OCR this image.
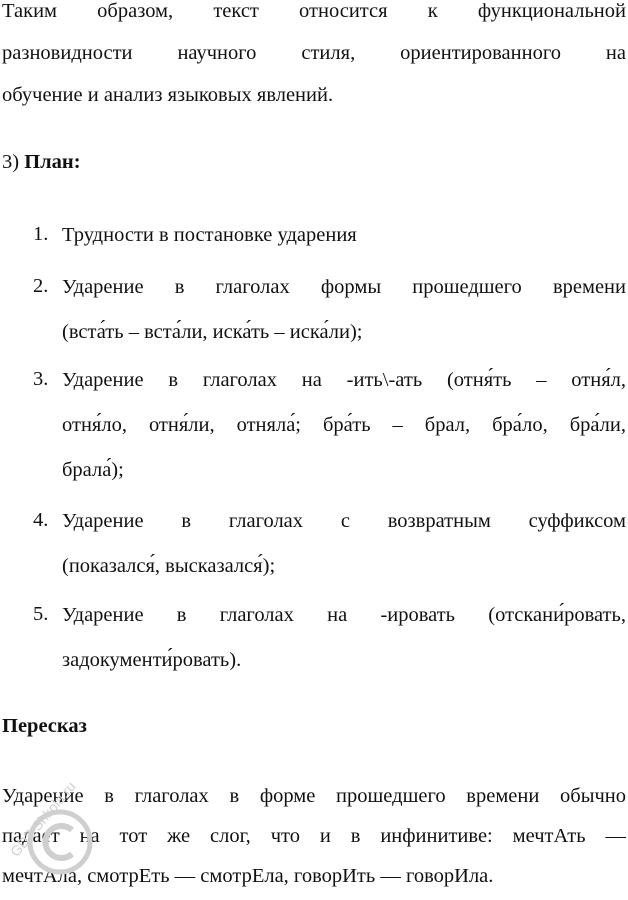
Таким образом, текст относится к функциональной
разновидности научного стиля, ориентированного на
обучение и анализ языковых явлений.

3) План:

1. Трудности в постановке ударения
2. Ударение в глаголах формы прошедшего времени
(вста́ть – вста́ли, иска́ть – иска́ли);
3. Ударение в глаголах на -ить\-ать (отня́ть – отня́л,
отня́ло, отня́ли, отняла́; бра́ть – брал, бра́ло, бра́ли,
брала́);
4. Ударение в глаголах с возвратным суффиксом
(показался́, высказался́);
5. Ударение в глаголах на -ировать (отскани́ровать,
задокументи́ровать).

Пересказ

Ударение в глаголах в форме прошедшего времени обычно
падает на тот же слог, что и в инфинитиве: мечтАть —
мечтАла, смотрЕть — смотрЕла, говорИть — говорИла.

GDZ.Shkola.ru
